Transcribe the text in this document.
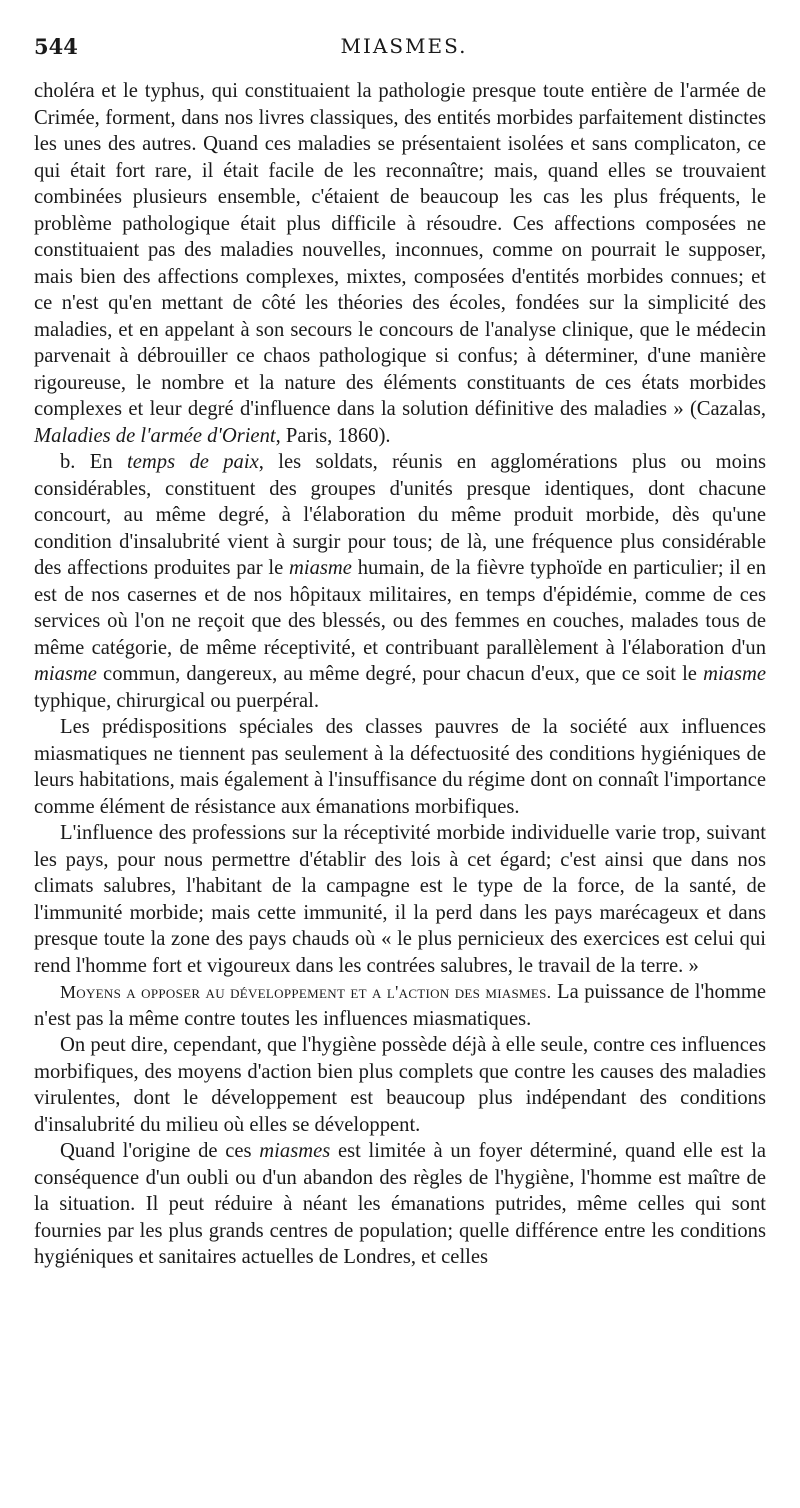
544	MIASMES.

choléra et le typhus, qui constituaient la pathologie presque toute entière de l'armée de Crimée, forment, dans nos livres classiques, des entités morbides parfaitement distinctes les unes des autres. Quand ces maladies se présentaient isolées et sans complicaton, ce qui était fort rare, il était facile de les reconnaître; mais, quand elles se trouvaient combinées plusieurs ensemble, c'étaient de beaucoup les cas les plus fréquents, le problème pathologique était plus difficile à résoudre. Ces affections composées ne constituaient pas des maladies nouvelles, inconnues, comme on pourrait le supposer, mais bien des affections complexes, mixtes, composées d'entités morbides connues; et ce n'est qu'en mettant de côté les théories des écoles, fondées sur la simplicité des maladies, et en appelant à son secours le concours de l'analyse clinique, que le médecin parvenait à débrouiller ce chaos pathologique si confus; à déterminer, d'une manière rigoureuse, le nombre et la nature des éléments constituants de ces états morbides complexes et leur degré d'influence dans la solution définitive des maladies » (Cazalas, Maladies de l'armée d'Orient, Paris, 1860).

b. En temps de paix, les soldats, réunis en agglomérations plus ou moins considérables, constituent des groupes d'unités presque identiques, dont chacune concourt, au même degré, à l'élaboration du même produit morbide, dès qu'une condition d'insalubrité vient à surgir pour tous; de là, une fréquence plus considérable des affections produites par le miasme humain, de la fièvre typhoïde en particulier; il en est de nos casernes et de nos hôpitaux militaires, en temps d'épidémie, comme de ces services où l'on ne reçoit que des blessés, ou des femmes en couches, malades tous de même catégorie, de même réceptivité, et contribuant parallèlement à l'élaboration d'un miasme commun, dangereux, au même degré, pour chacun d'eux, que ce soit le miasme typhique, chirurgical ou puerpéral.

Les prédispositions spéciales des classes pauvres de la société aux influences miasmatiques ne tiennent pas seulement à la défectuosité des conditions hygiéniques de leurs habitations, mais également à l'insuffisance du régime dont on connaît l'importance comme élément de résistance aux émanations morbifiques.

L'influence des professions sur la réceptivité morbide individuelle varie trop, suivant les pays, pour nous permettre d'établir des lois à cet égard; c'est ainsi que dans nos climats salubres, l'habitant de la campagne est le type de la force, de la santé, de l'immunité morbide; mais cette immunité, il la perd dans les pays marécageux et dans presque toute la zone des pays chauds où « le plus pernicieux des exercices est celui qui rend l'homme fort et vigoureux dans les contrées salubres, le travail de la terre. »

Moyens a opposer au développement et a l'action des miasmes. La puissance de l'homme n'est pas la même contre toutes les influences miasmatiques.

On peut dire, cependant, que l'hygiène possède déjà à elle seule, contre ces influences morbifiques, des moyens d'action bien plus complets que contre les causes des maladies virulentes, dont le développement est beaucoup plus indépendant des conditions d'insalubrité du milieu où elles se développent.

Quand l'origine de ces miasmes est limitée à un foyer déterminé, quand elle est la conséquence d'un oubli ou d'un abandon des règles de l'hygiène, l'homme est maître de la situation. Il peut réduire à néant les émanations putrides, même celles qui sont fournies par les plus grands centres de population; quelle différence entre les conditions hygiéniques et sanitaires actuelles de Londres, et celles
